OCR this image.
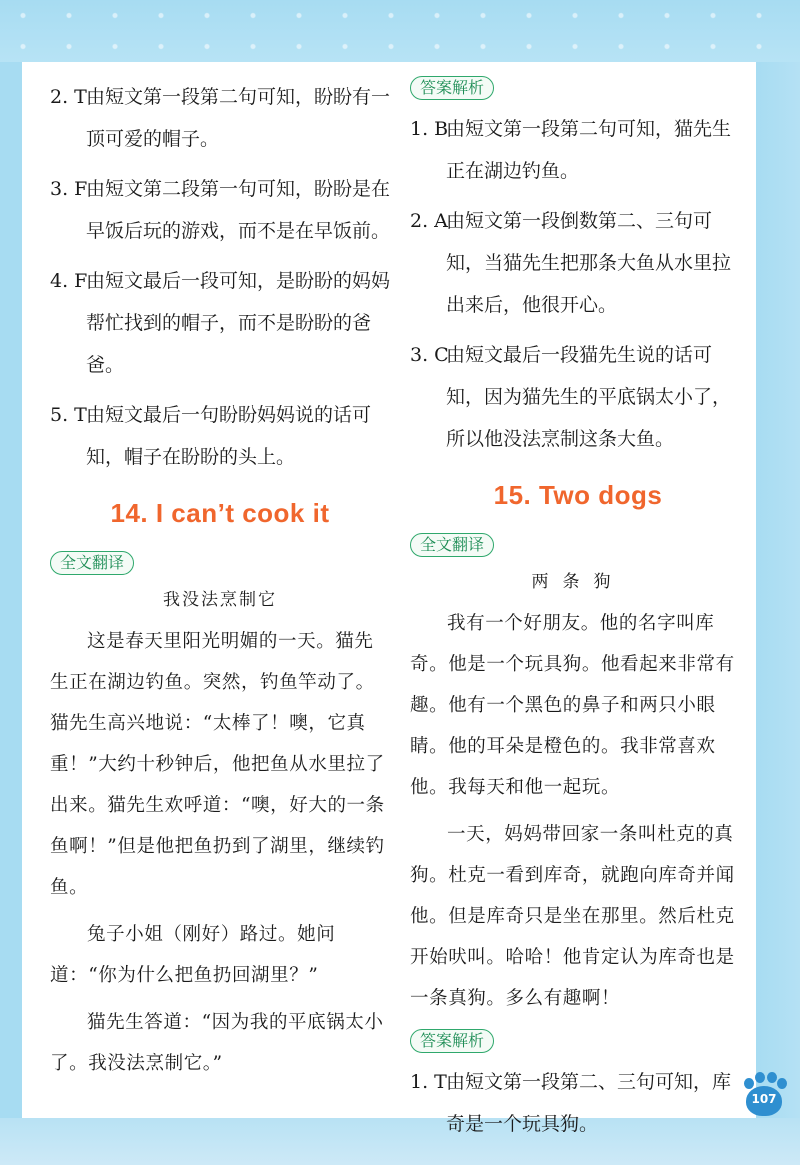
2. T 由短文第一段第二句可知，盼盼有一顶可爱的帽子。
3. F
由短文第二段第一句可知，盼盼是在早饭后玩的游戏，而不是在早饭前。
4. F
由短文最后一段可知，是盼盼的妈妈帮忙找到的帽子，而不是盼盼的爸爸。
5. T 由短文最后一句盼盼妈妈说的话可知，帽子在盼盼的头上。
14. I can’t cook it
全文翻译
我没法烹制它

这是春天里阳光明媚的一天。猫先生正在湖边钓鱼。突然，钓鱼竿动了。猫先生高兴地说：“太棒了！噢，它真重！”大约十秒钟后，他把鱼从水里拉了出来。猫先生欢呼道：“噢，好大的一条鱼啊！”但是他把鱼扔到了湖里，继续钓鱼。

兔子小姐（刚好）路过。她问道：“你为什么把鱼扔回湖里？”

猫先生答道：“因为我的平底锅太小了。我没法烹制它。”

答案解析
1. B
由短文第一段第二句可知，猫先生正在湖边钓鱼。
2. A
由短文第一段倒数第二、三句可知，当猫先生把那条大鱼从水里拉出来后，他很开心。
3. C
由短文最后一段猫先生说的话可知，因为猫先生的平底锅太小了，所以他没法烹制这条大鱼。
15. Two dogs
全文翻译
两条狗

我有一个好朋友。他的名字叫库奇。他是一个玩具狗。他看起来非常有趣。他有一个黑色的鼻子和两只小眼睛。他的耳朵是橙色的。我非常喜欢他。我每天和他一起玩。

一天，妈妈带回家一条叫杜克的真狗。杜克一看到库奇，就跑向库奇并闻他。但是库奇只是坐在那里。然后杜克开始吠叫。哈哈！他肯定认为库奇也是一条真狗。多么有趣啊！

答案解析
1. T 由短文第一段第二、三句可知，库奇是一个玩具狗。
107
